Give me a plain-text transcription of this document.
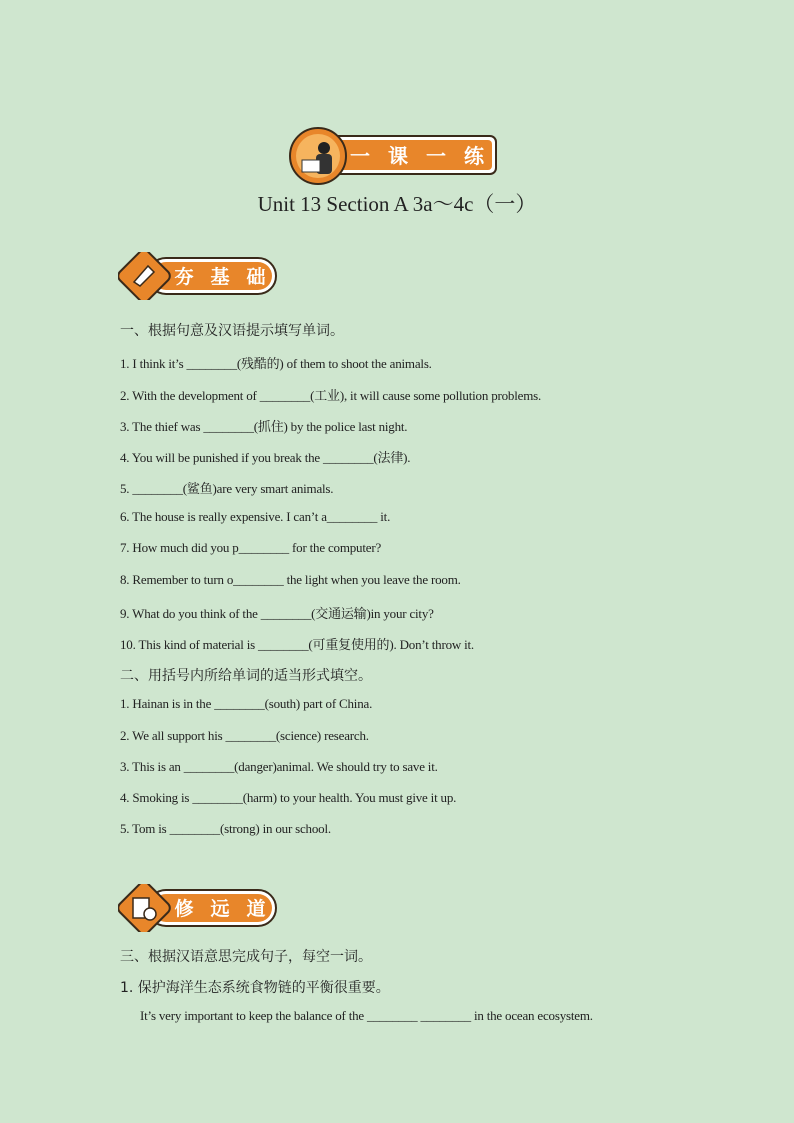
一 课 一 练
Unit 13 Section A 3a～4c（一）
夯 基 础
一、根据句意及汉语提示填写单词。
1. I think it’s ________(残酷的) of them to shoot the animals.
2. With the development of ________(工业), it will cause some pollution problems.
3. The thief was ________(抓住) by the police last night.
4. You will be punished if you break the ________(法律).
5. ________(鲨鱼)are very smart animals.
6. The house is really expensive. I can’t a________ it.
7. How much did you p________ for the computer?
8. Remember to turn o________ the light when you leave the room.
9. What do you think of the ________(交通运输)in your city?
10. This kind of material is ________(可重复使用的). Don’t throw it.
二、用括号内所给单词的适当形式填空。
1. Hainan is in the ________(south) part of China.
2. We all support his ________(science) research.
3. This is an ________(danger)animal. We should try to save it.
4. Smoking is ________(harm) to your health. You must give it up.
5. Tom is ________(strong) in our school.
修 远 道
三、根据汉语意思完成句子，每空一词。
1. 保护海洋生态系统食物链的平衡很重要。
It’s very important to keep the balance of the ________ ________ in the ocean ecosystem.
